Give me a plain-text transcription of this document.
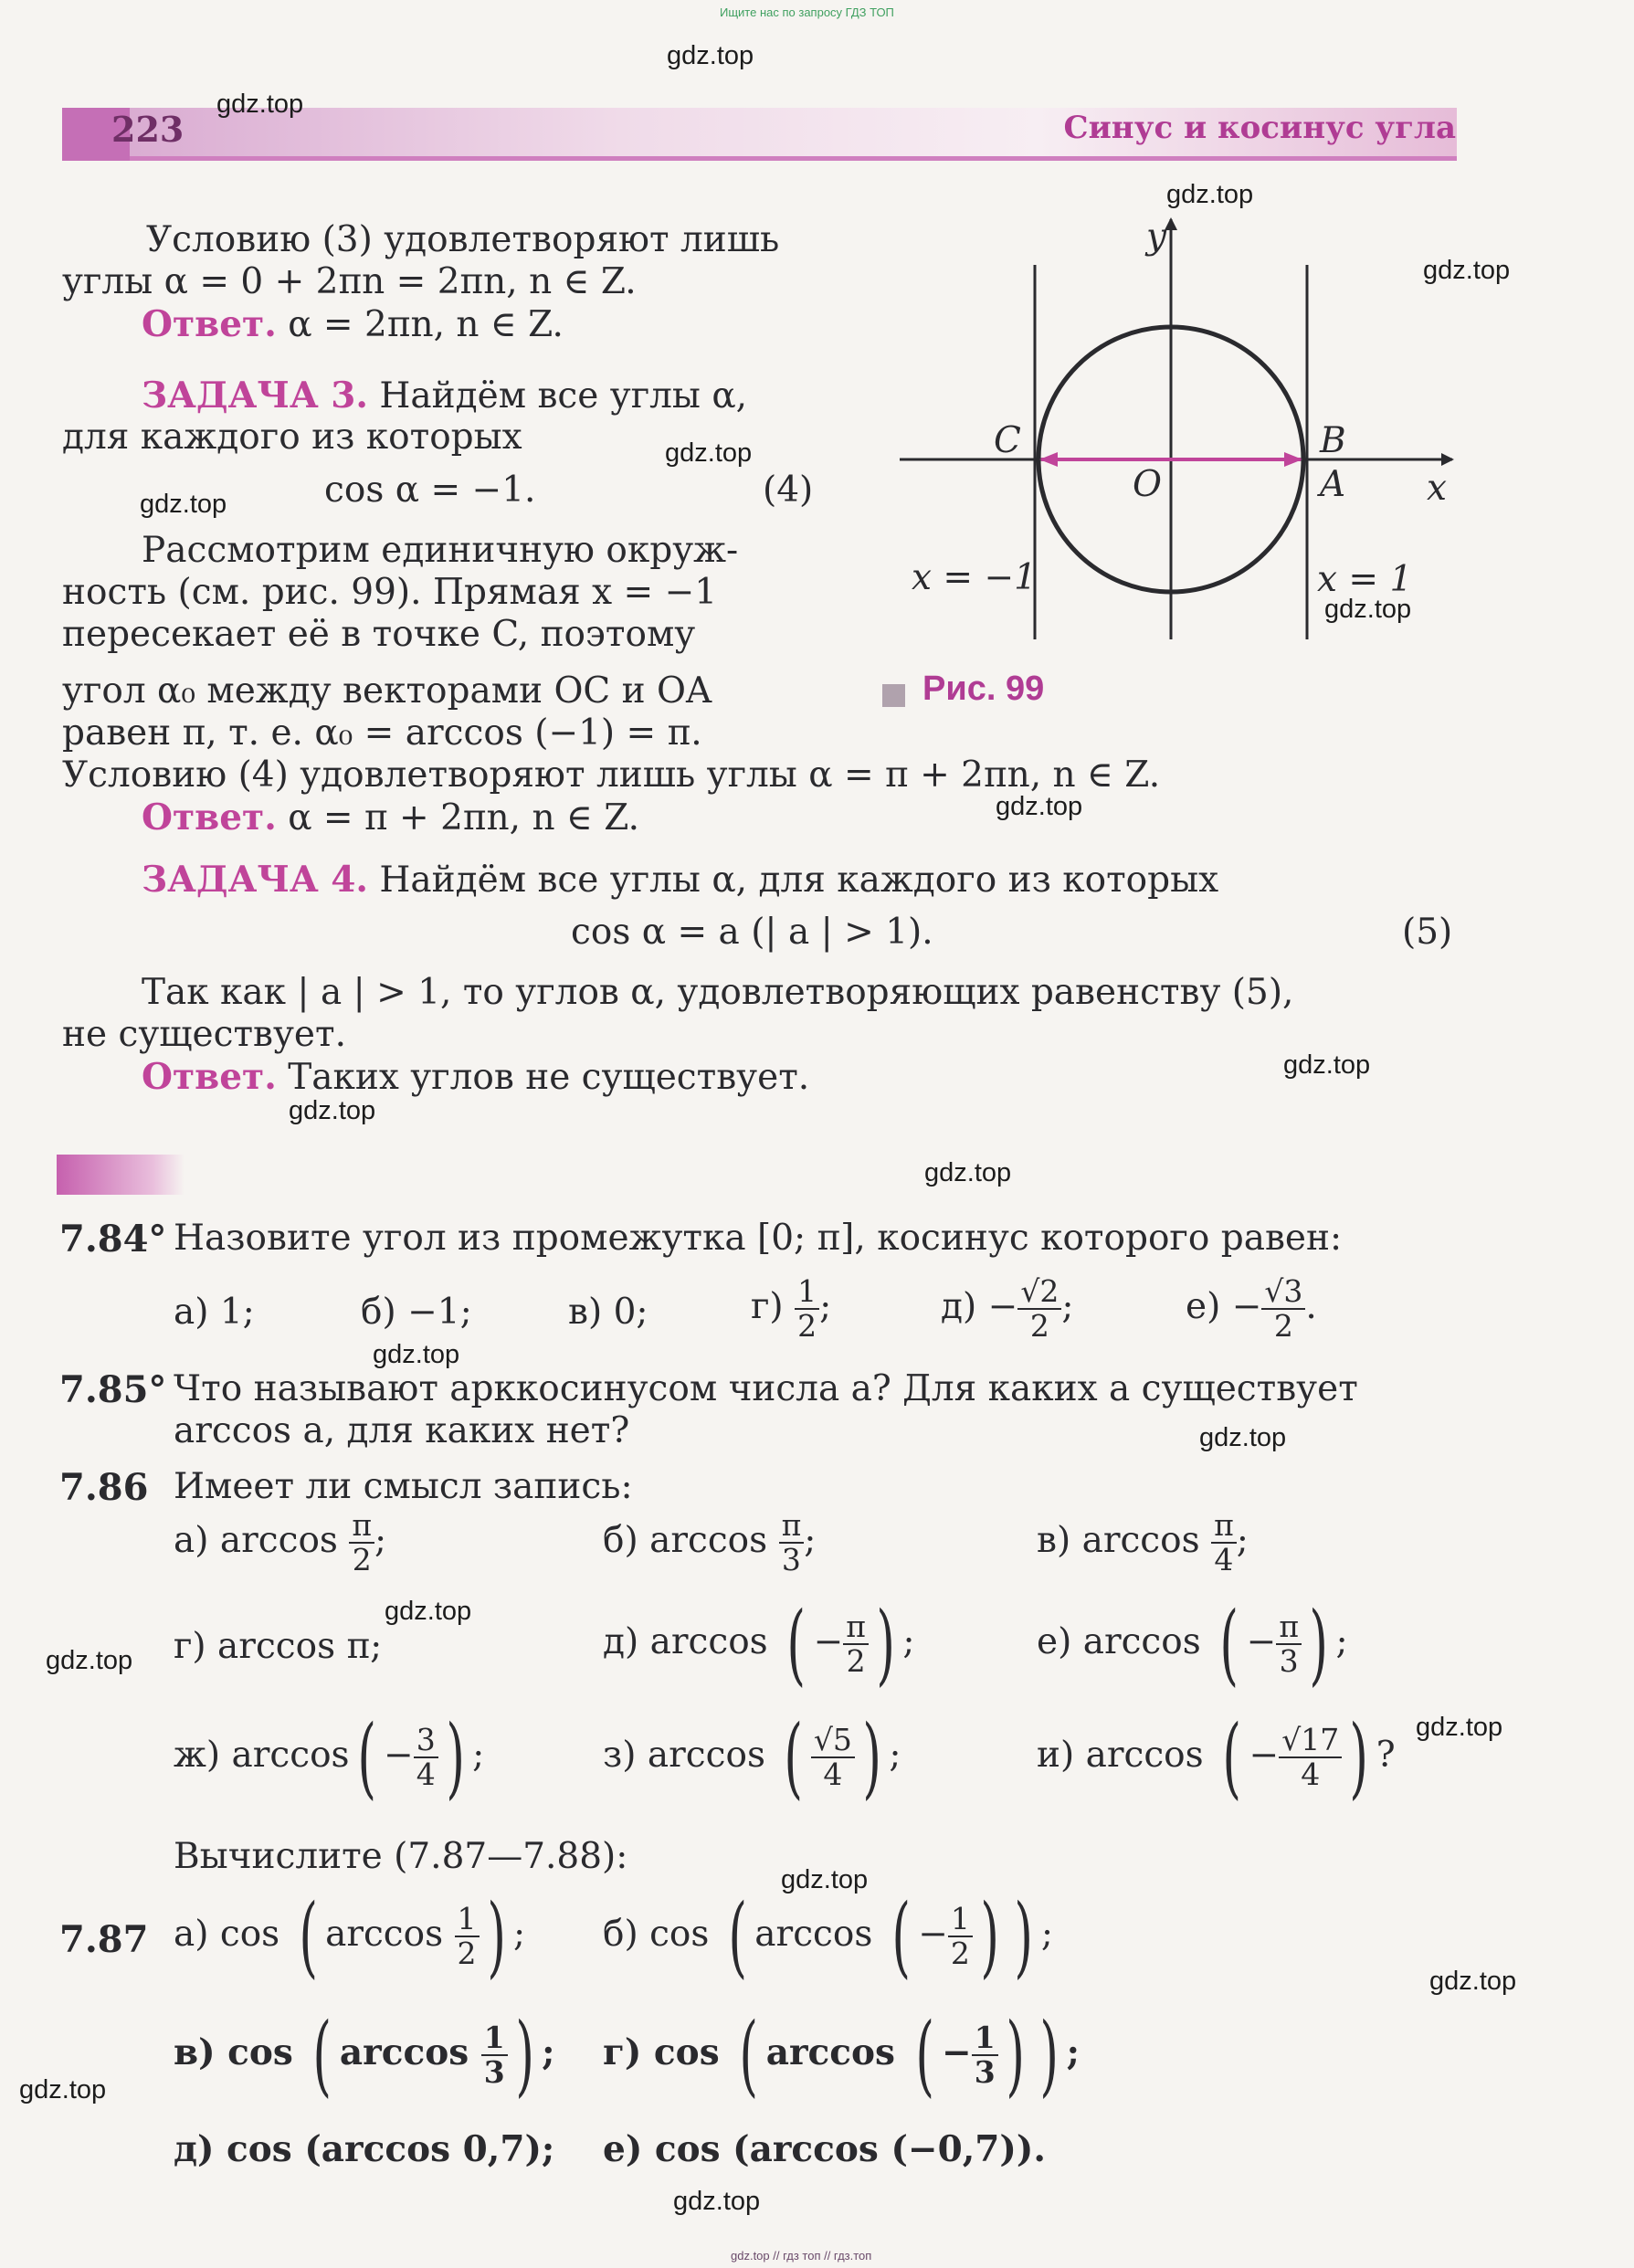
Ищите нас по запросу ГДЗ ТОП
gdz.top // гдз топ // гдз.топ
223	Синус и косинус угла
y
x
C	B
O	A
x = −1	x = 1
Рис. 99
Условию (3) удовлетворяют лишь
углы α = 0 + 2πn = 2πn, n ∈ Z.
Ответ. α = 2πn, n ∈ Z.
ЗАДАЧА 3. Найдём все углы α,
для каждого из которых
cos α = −1.	(4)
Рассмотрим единичную окруж-
ность (см. рис. 99). Прямая x = −1
пересекает её в точке C, поэтому
угол α₀ между векторами OC и OA
равен π, т. е. α₀ = arccos (−1) = π.
Условию (4) удовлетворяют лишь углы α = π + 2πn, n ∈ Z.
Ответ. α = π + 2πn, n ∈ Z.
ЗАДАЧА 4. Найдём все углы α, для каждого из которых
cos α = a (| a | > 1).	(5)
Так как | a | > 1, то углов α, удовлетворяющих равенству (5),
не существует.
Ответ. Таких углов не существует.
7.84° Назовите угол из промежутка [0; π], косинус которого равен:
а) 1;	б) −1;	в) 0;	$г) \frac{1}{2}$ ;	$д) - \frac{√2}{2}$ ;	$е) - \frac{√3}{2}$ .
7.85° Что называют арккосинусом числа a? Для каких a существует
arccos a, для каких нет?
7.86 Имеет ли смысл запись:
а) $\arccos \frac{\pi}{2}$ ;	б) $\arccos \frac{\pi}{3}$ ;	в) $\arccos \frac{\pi}{4}$ ;
г) arccos π;	д) arccos ( − $\frac{\pi}{2}$ ) ;	е) arccos ( − $\frac{\pi}{3}$ ) ;
ж) $\arccos( - \frac{3}{4}$ ) ;	з) arccos ( $\frac{√5}{4}$ ) ;	и) arccos ( − $\frac{√17}{4}$ ) ?
Вычислите (7.87—7.88):
7.87 а) cos ( $\arccos \frac{1}{2}$ ) ; б) cos ( arccos ( − $\frac{1}{2}$ ) ) ;
в) cos ( $\arccos \frac{1}{3}$ ) ; г) cos ( arccos ( − $\frac{1}{3}$ ) ) ;
д) cos (arccos 0,7); е) cos (arccos (−0,7)).
gdz.top
gdz.top
gdz.top
gdz.top
gdz.top
gdz.top
gdz.top
gdz.top
gdz.top
gdz.top
gdz.top
gdz.top
gdz.top
gdz.top
gdz.top
gdz.top
gdz.top
gdz.top
gdz.top
gdz.top
